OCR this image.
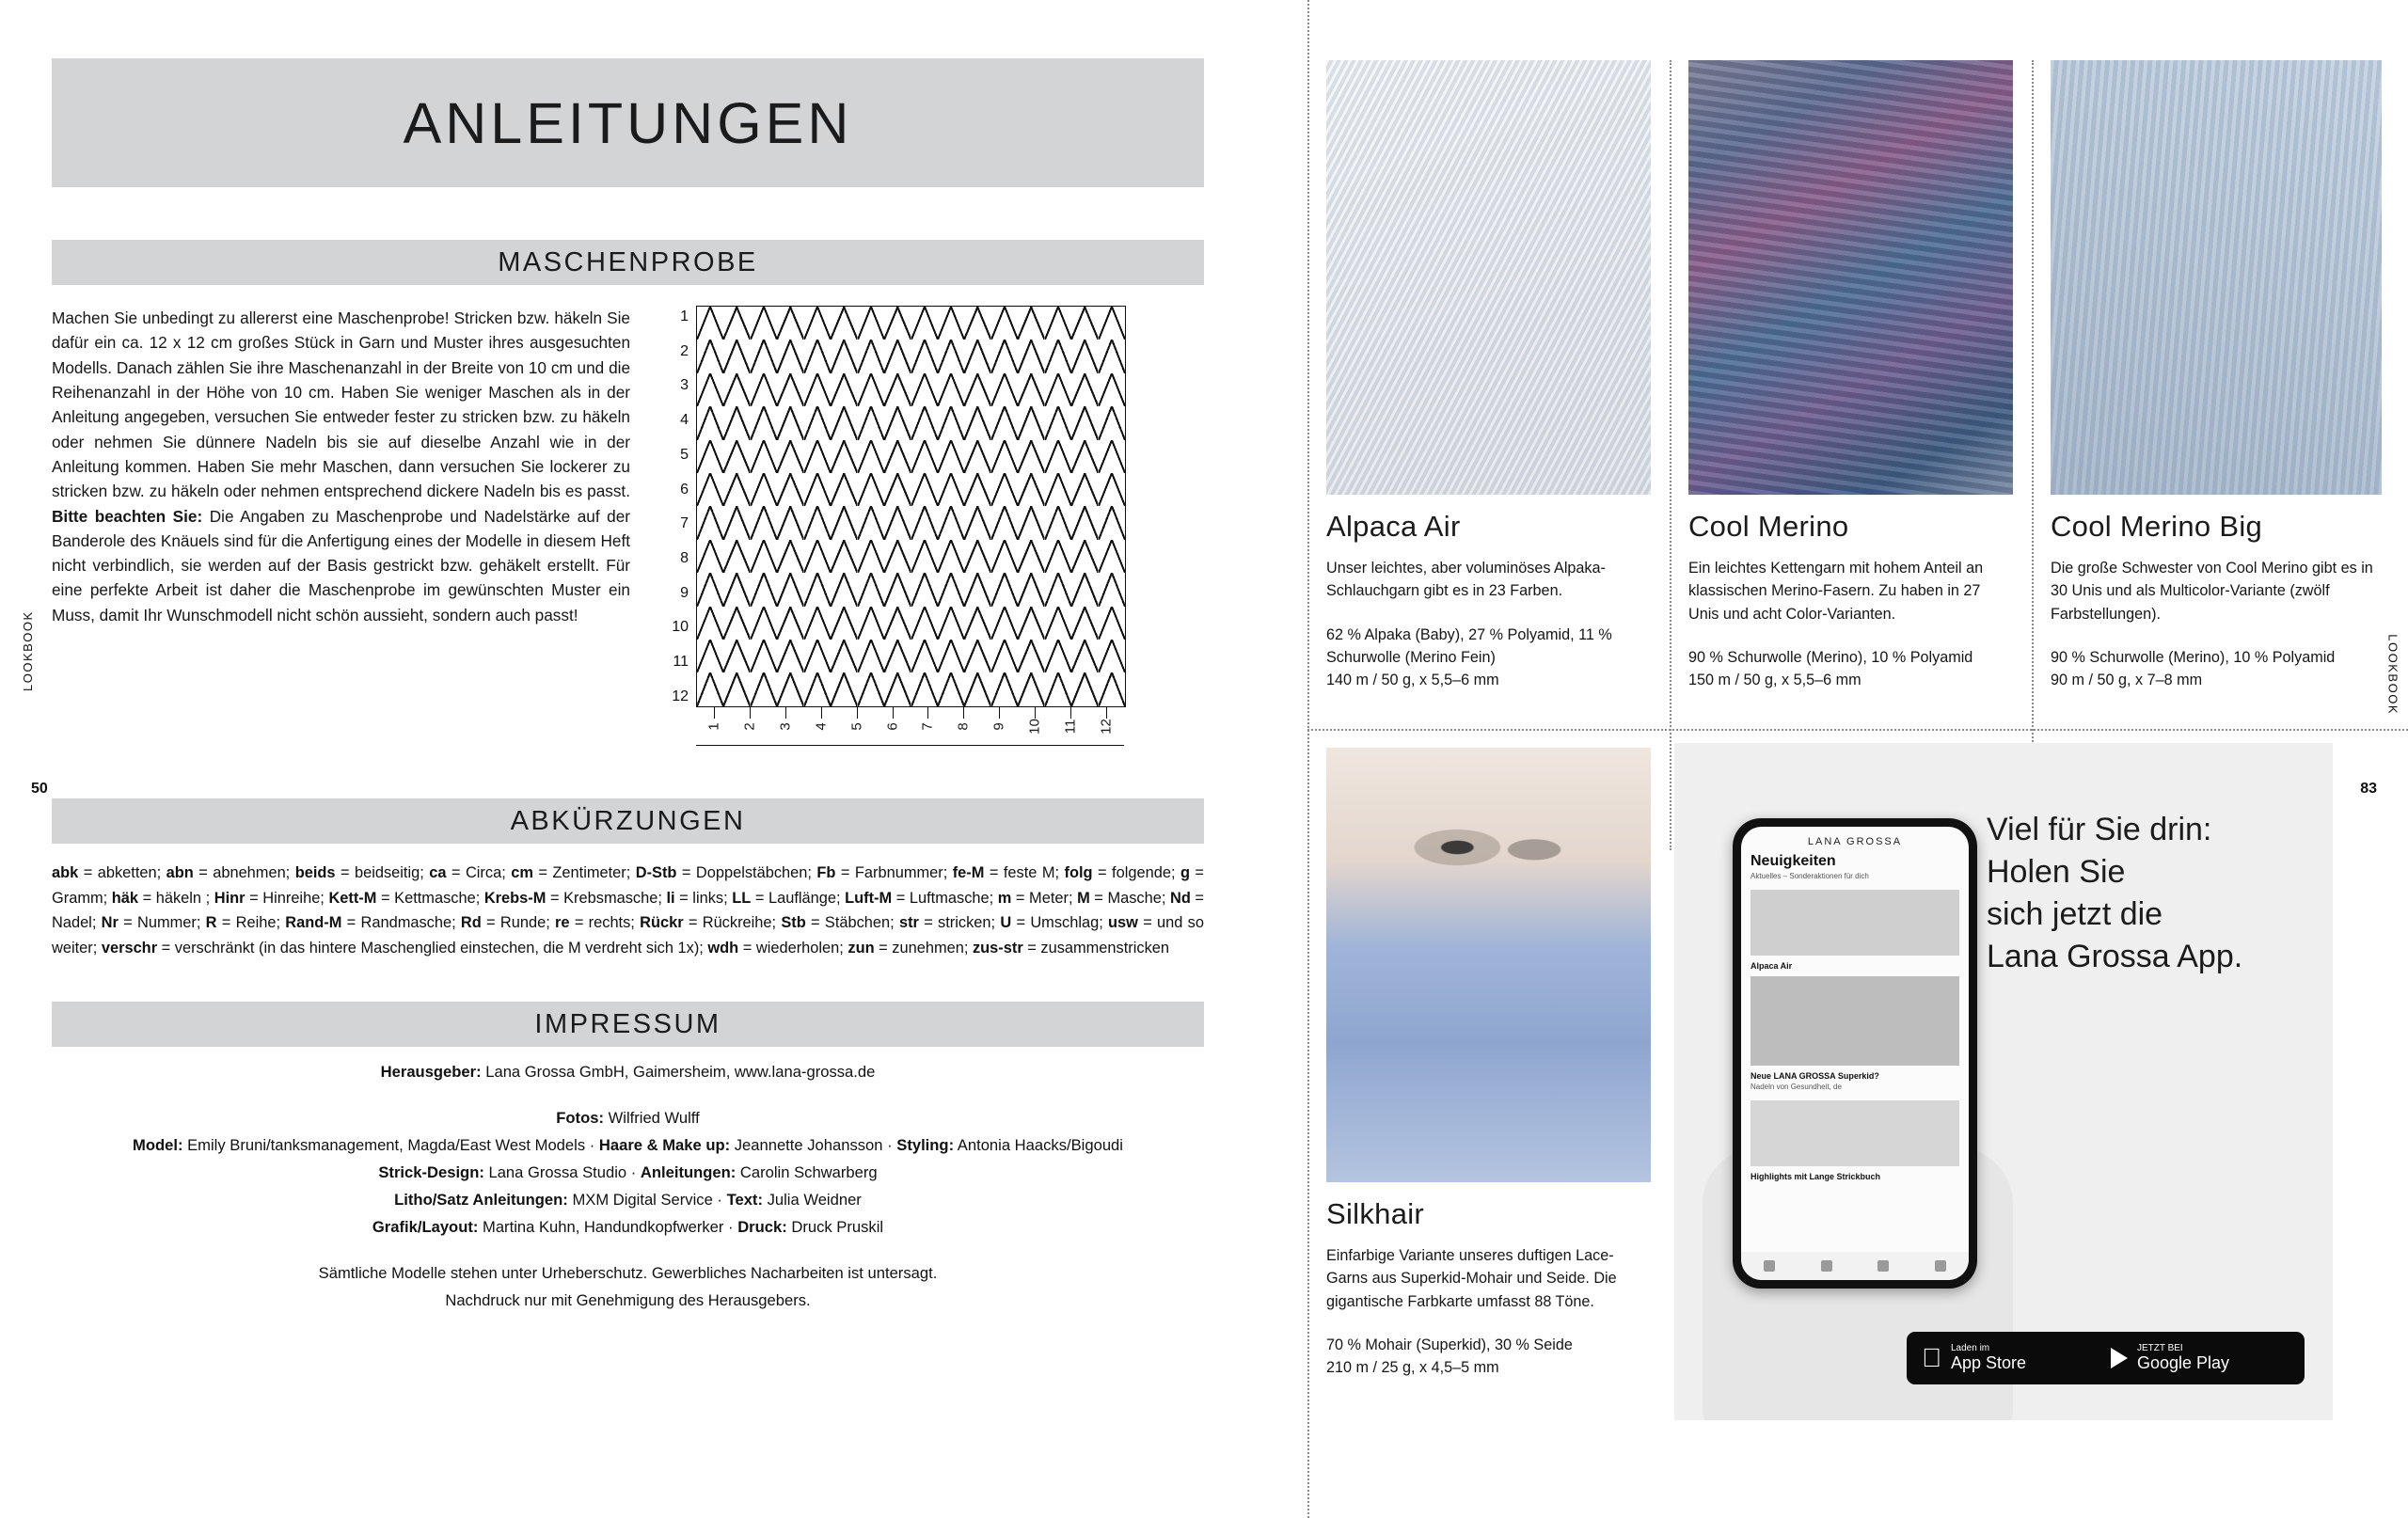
ANLEITUNGEN
MASCHENPROBE
Machen Sie unbedingt zu allererst eine Maschenprobe! Stricken bzw. häkeln Sie dafür ein ca. 12 x 12 cm großes Stück in Garn und Muster ihres ausgesuchten Modells. Danach zählen Sie ihre Maschenanzahl in der Breite von 10 cm und die Reihenanzahl in der Höhe von 10 cm. Haben Sie weniger Maschen als in der Anleitung angegeben, versuchen Sie entweder fester zu stricken bzw. zu häkeln oder nehmen Sie dünnere Nadeln bis sie auf dieselbe Anzahl wie in der Anleitung kommen. Haben Sie mehr Maschen, dann versuchen Sie lockerer zu stricken bzw. zu häkeln oder nehmen entsprechend dickere Nadeln bis es passt. Bitte beachten Sie: Die Angaben zu Maschenprobe und Nadelstärke auf der Banderole des Knäuels sind für die Anfertigung eines der Modelle in diesem Heft nicht verbindlich, sie werden auf der Basis gestrickt bzw. gehäkelt erstellt. Für eine perfekte Arbeit ist daher die Maschenprobe im gewünschten Muster ein Muss, damit Ihr Wunschmodell nicht schön aussieht, sondern auch passt!
1
2
3
4
5
6
7
8
9
10
11
12
1 2 3 4 5 6 7 8 9 10 11 12
ABKÜRZUNGEN
abk = abketten; abn = abnehmen; beids = beidseitig; ca = Circa; cm = Zentimeter; D-Stb = Doppelstäbchen; Fb = Farbnummer; fe-M = feste M; folg = folgende; g = Gramm; häk = häkeln ; Hinr = Hinreihe; Kett-M = Kettmasche; Krebs-M = Krebsmasche; li = links; LL = Lauflänge; Luft-M = Luftmasche; m = Meter; M = Masche; Nd = Nadel; Nr = Nummer; R = Reihe; Rand-M = Randmasche; Rd = Runde; re = rechts; Rückr = Rückreihe; Stb = Stäbchen; str = stricken; U = Umschlag; usw = und so weiter; verschr = verschränkt (in das hintere Maschenglied einstechen, die M verdreht sich 1x); wdh = wiederholen; zun = zunehmen; zus-str = zusammenstricken
IMPRESSUM
Herausgeber: Lana Grossa GmbH, Gaimersheim, www.lana-grossa.de
Fotos: Wilfried Wulff
Model: Emily Bruni/tanksmanagement, Magda/East West Models · Haare & Make up: Jeannette Johansson · Styling: Antonia Haacks/Bigoudi
Strick-Design: Lana Grossa Studio · Anleitungen: Carolin Schwarberg
Litho/Satz Anleitungen: MXM Digital Service · Text: Julia Weidner
Grafik/Layout: Martina Kuhn, Handundkopfwerker · Druck: Druck Pruskil
Sämtliche Modelle stehen unter Urheberschutz. Gewerbliches Nacharbeiten ist untersagt.
Nachdruck nur mit Genehmigung des Herausgebers.
50
LOOKBOOK
Alpaca Air
Unser leichtes, aber voluminöses Alpaka-Schlauchgarn gibt es in 23 Farben.
62 % Alpaka (Baby), 27 % Polyamid, 11 % Schurwolle (Merino Fein)
140 m / 50 g, x 5,5–6 mm
Cool Merino
Ein leichtes Kettengarn mit hohem Anteil an klassischen Merino-Fasern. Zu haben in 27 Unis und acht Color-Varianten.
90 % Schurwolle (Merino), 10 % Polyamid
150 m / 50 g, x 5,5–6 mm
Cool Merino Big
Die große Schwester von Cool Merino gibt es in 30 Unis und als Multicolor-Variante (zwölf Farbstellungen).
90 % Schurwolle (Merino), 10 % Polyamid
90 m / 50 g, x 7–8 mm
Silkhair
Einfarbige Variante unseres duftigen Lace-Garns aus Superkid-Mohair und Seide. Die gigantische Farbkarte umfasst 88 Töne.
70 % Mohair (Superkid), 30 % Seide
210 m / 25 g, x 4,5–5 mm
83
LOOKBOOK
Viel für Sie drin:
Holen Sie
sich jetzt die
Lana Grossa App.
LANA GROSSA
Neuigkeiten
Aktuelles – Sonderaktionen für dich
Alpaca Air
Neue LANA GROSSA Superkid?
Nadeln von Gesundheit, de
Highlights mit Lange Strickbuch
Laden im
App Store
JETZT BEI
Google Play
